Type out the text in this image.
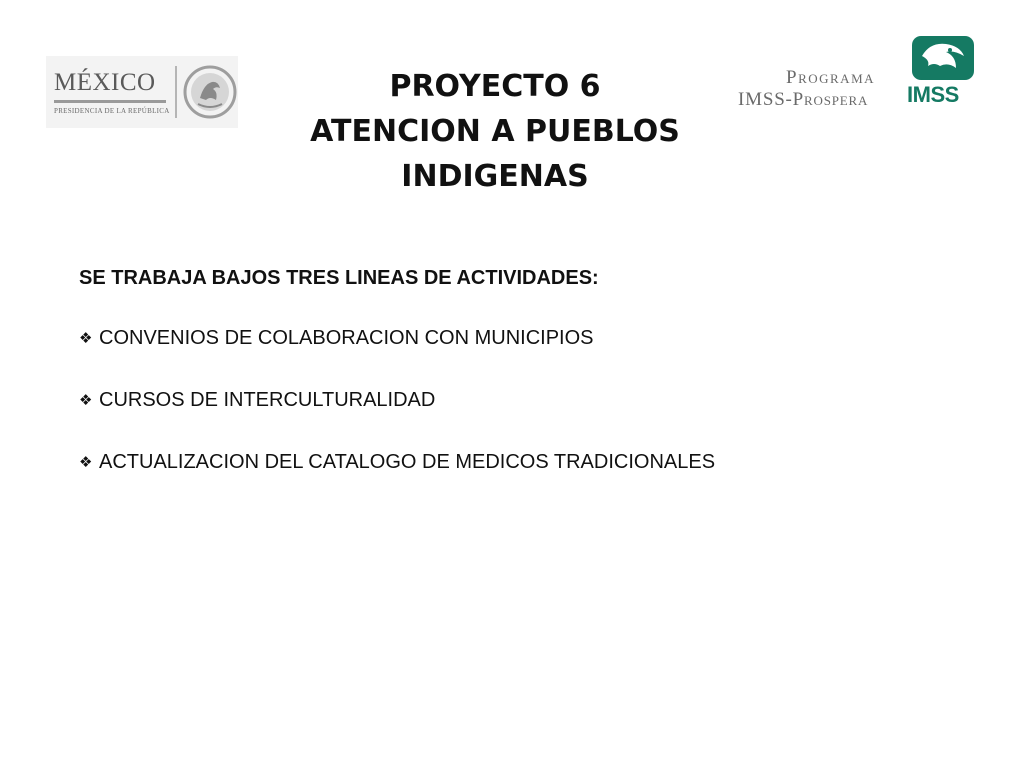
MÉXICO
PRESIDENCIA DE LA REPÚBLICA
PROYECTO 6
ATENCION A PUEBLOS
INDIGENAS
Programa
IMSS-Prospera IMSS

SE TRABAJA BAJOS TRES LINEAS DE ACTIVIDADES:

❖ CONVENIOS DE COLABORACION CON MUNICIPIOS
❖ CURSOS DE INTERCULTURALIDAD
❖ ACTUALIZACION DEL CATALOGO DE MEDICOS TRADICIONALES
